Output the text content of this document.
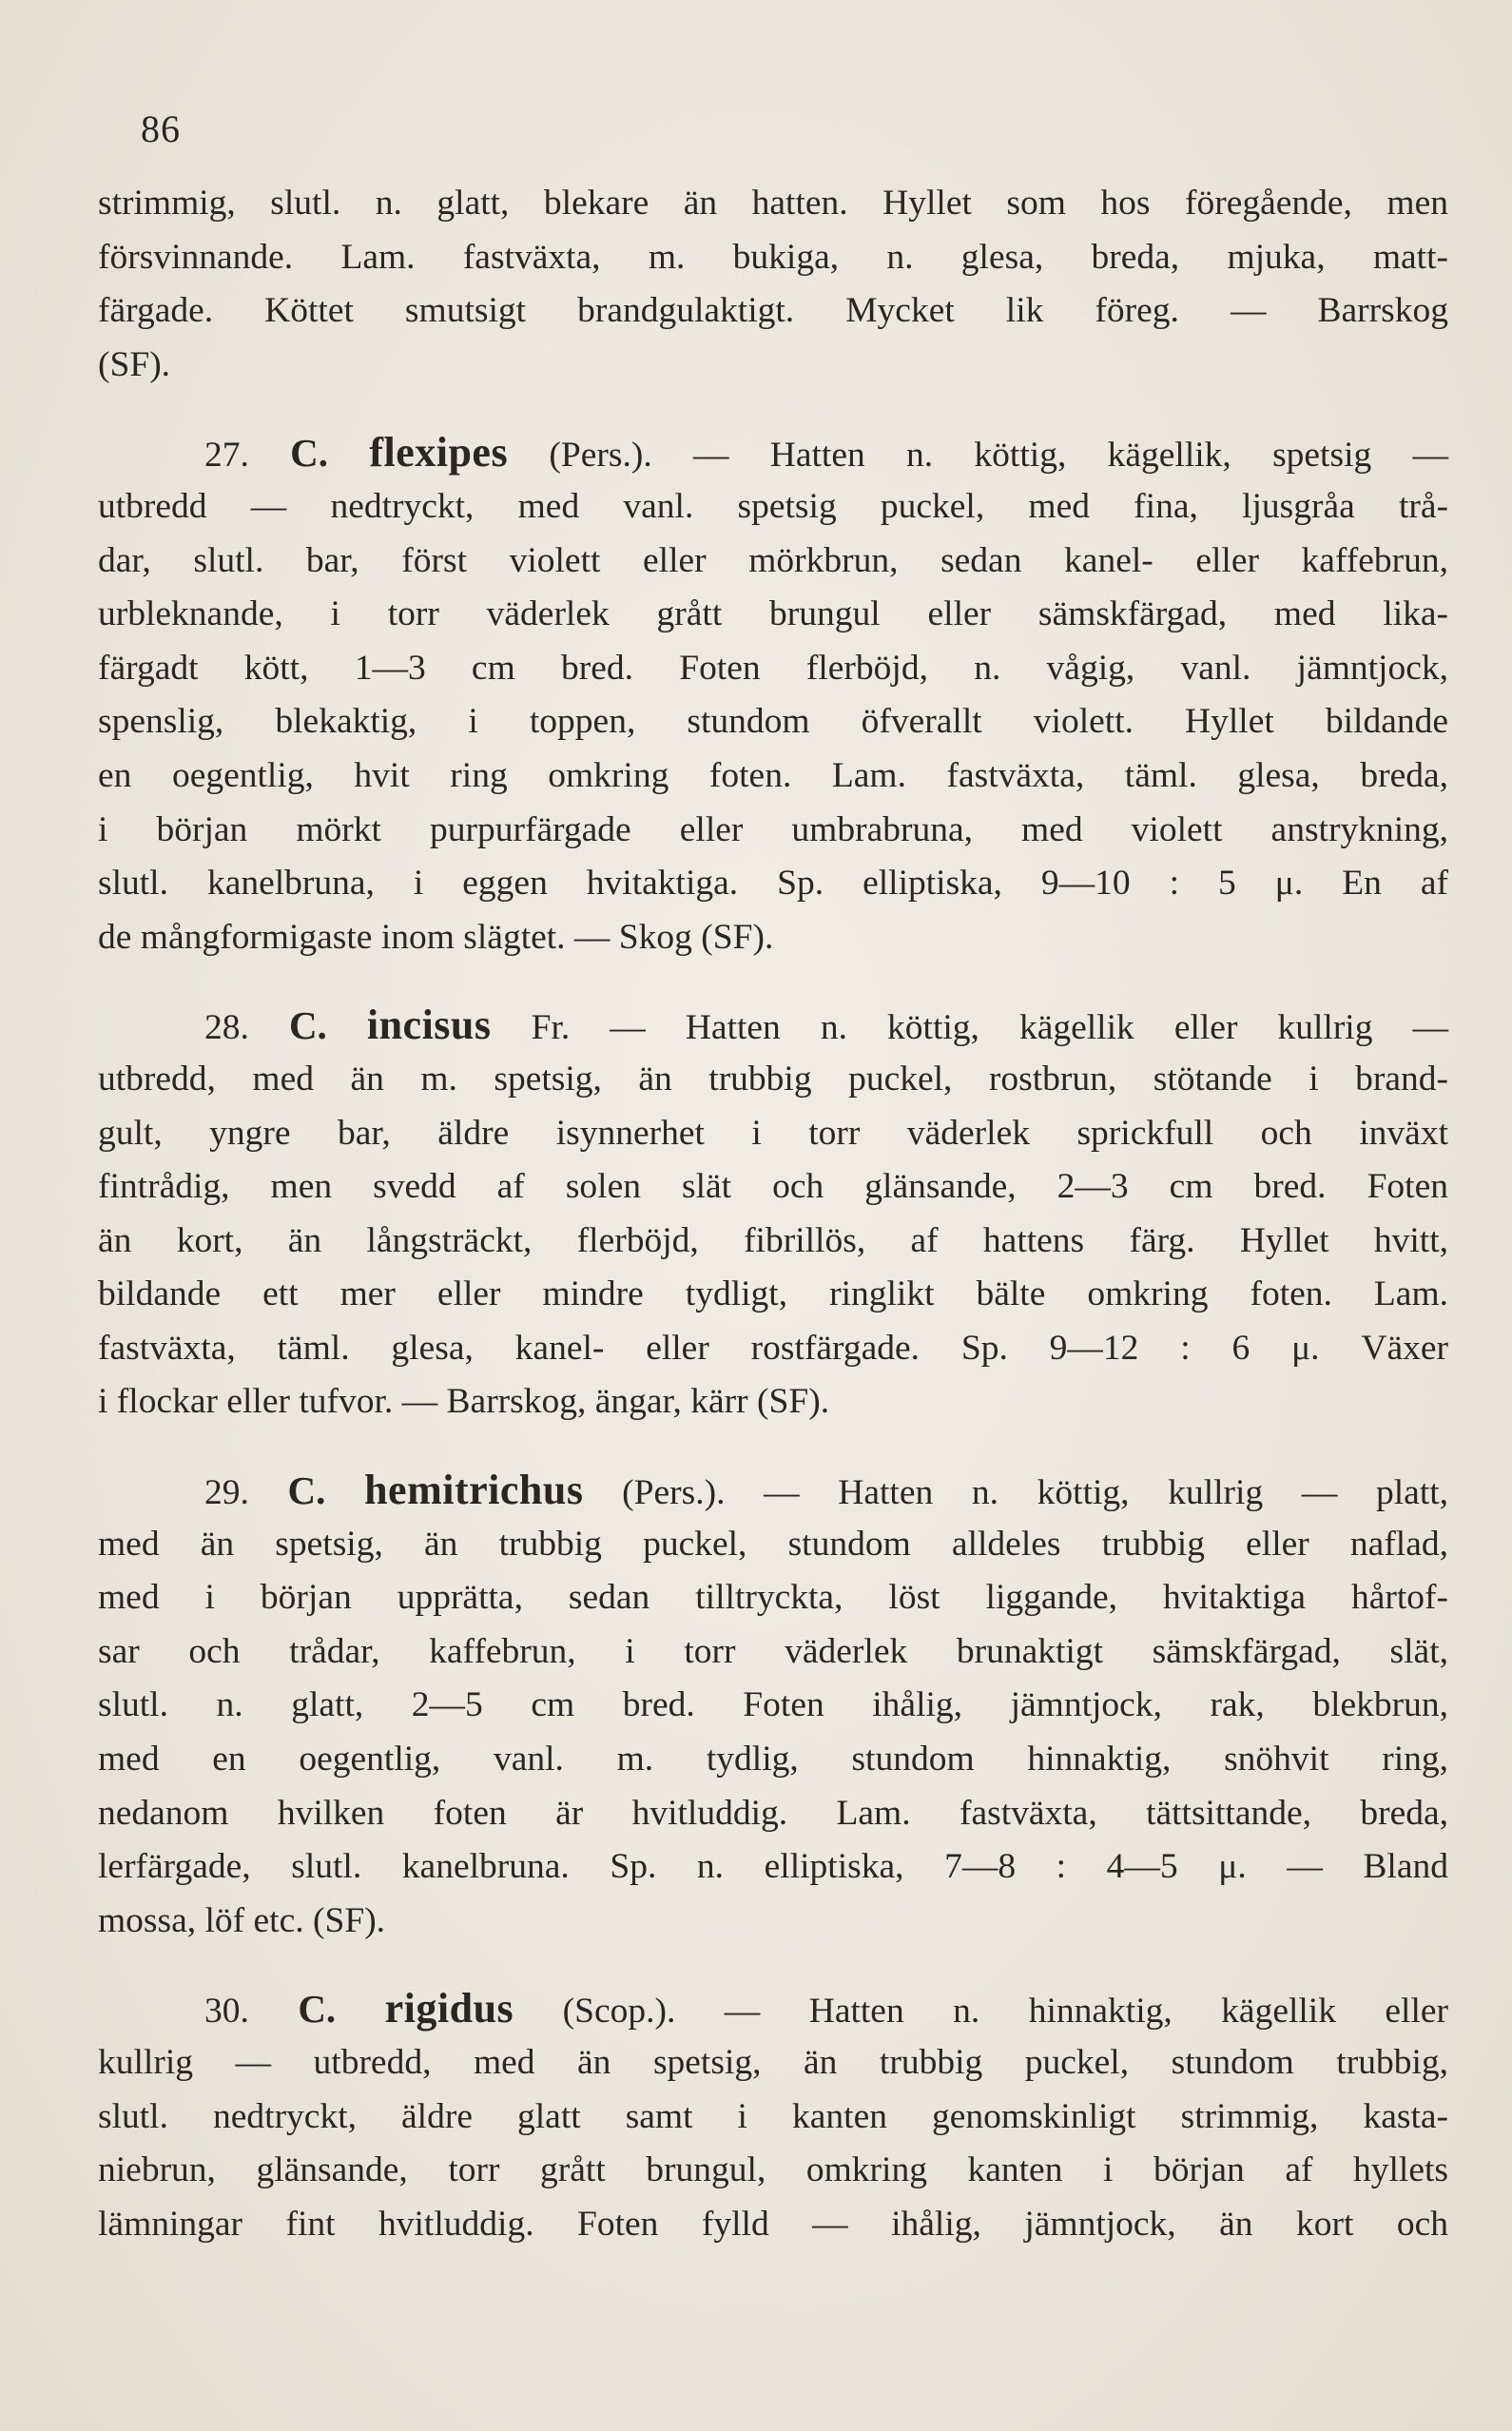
86
strimmig, slutl. n. glatt, blekare än hatten. Hyllet som hos föregående, men
försvinnande. Lam. fastväxta, m. bukiga, n. glesa, breda, mjuka, matt-
färgade. Köttet smutsigt brandgulaktigt. Mycket lik föreg. — Barrskog
(SF).
27. C. flexipes (Pers.). — Hatten n. köttig, kägellik, spetsig —
utbredd — nedtryckt, med vanl. spetsig puckel, med fina, ljusgråa trå-
dar, slutl. bar, först violett eller mörkbrun, sedan kanel- eller kaffebrun,
urbleknande, i torr väderlek grått brungul eller sämskfärgad, med lika-
färgadt kött, 1—3 cm bred. Foten flerböjd, n. vågig, vanl. jämntjock,
spenslig, blekaktig, i toppen, stundom öfverallt violett. Hyllet bildande
en oegentlig, hvit ring omkring foten. Lam. fastväxta, täml. glesa, breda,
i början mörkt purpurfärgade eller umbrabruna, med violett anstrykning,
slutl. kanelbruna, i eggen hvitaktiga. Sp. elliptiska, 9—10 : 5 μ. En af
de mångformigaste inom slägtet. — Skog (SF).
28. C. incisus Fr. — Hatten n. köttig, kägellik eller kullrig —
utbredd, med än m. spetsig, än trubbig puckel, rostbrun, stötande i brand-
gult, yngre bar, äldre isynnerhet i torr väderlek sprickfull och inväxt
fintrådig, men svedd af solen slät och glänsande, 2—3 cm bred. Foten
än kort, än långsträckt, flerböjd, fibrillös, af hattens färg. Hyllet hvitt,
bildande ett mer eller mindre tydligt, ringlikt bälte omkring foten. Lam.
fastväxta, täml. glesa, kanel- eller rostfärgade. Sp. 9—12 : 6 μ. Växer
i flockar eller tufvor. — Barrskog, ängar, kärr (SF).
29. C. hemitrichus (Pers.). — Hatten n. köttig, kullrig — platt,
med än spetsig, än trubbig puckel, stundom alldeles trubbig eller naflad,
med i början upprätta, sedan tilltryckta, löst liggande, hvitaktiga hårtof-
sar och trådar, kaffebrun, i torr väderlek brunaktigt sämskfärgad, slät,
slutl. n. glatt, 2—5 cm bred. Foten ihålig, jämntjock, rak, blekbrun,
med en oegentlig, vanl. m. tydlig, stundom hinnaktig, snöhvit ring,
nedanom hvilken foten är hvitluddig. Lam. fastväxta, tättsittande, breda,
lerfärgade, slutl. kanelbruna. Sp. n. elliptiska, 7—8 : 4—5 μ. — Bland
mossa, löf etc. (SF).
30. C. rigidus (Scop.). — Hatten n. hinnaktig, kägellik eller
kullrig — utbredd, med än spetsig, än trubbig puckel, stundom trubbig,
slutl. nedtryckt, äldre glatt samt i kanten genomskinligt strimmig, kasta-
niebrun, glänsande, torr grått brungul, omkring kanten i början af hyllets
lämningar fint hvitluddig. Foten fylld — ihålig, jämntjock, än kort och
